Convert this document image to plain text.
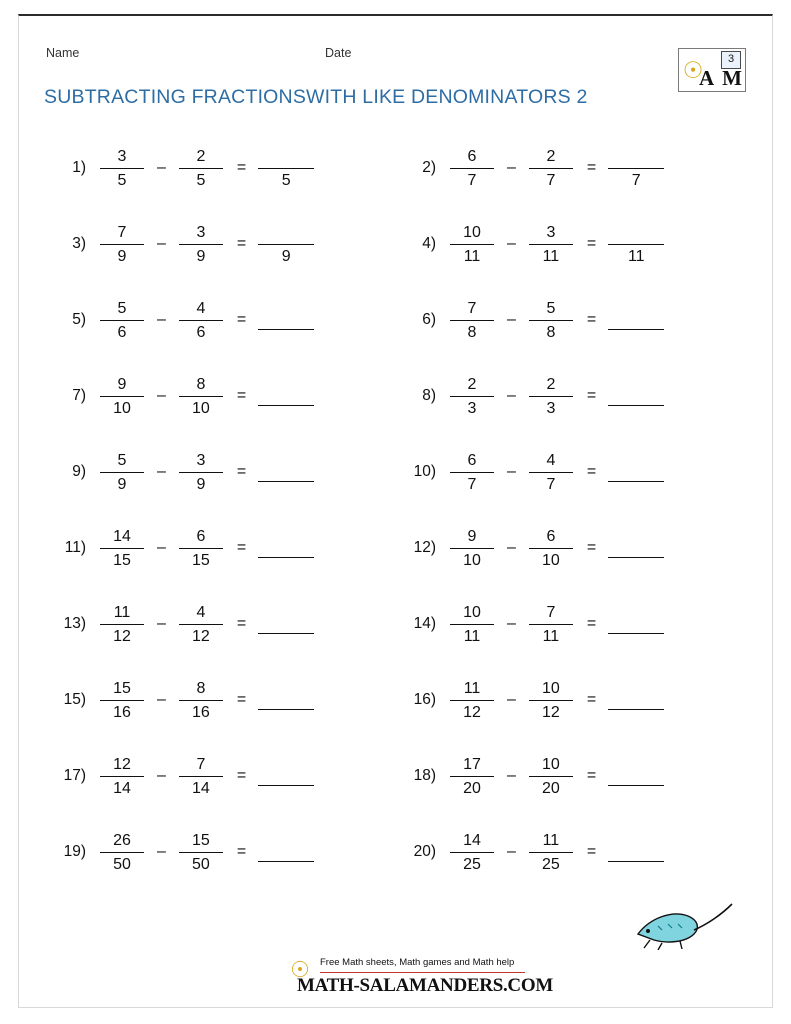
Name	Date
SUBTRACTING FRACTIONSWITH LIKE DENOMINATORS 2
☉	3
A M
$1) \frac{3}{5} - \frac{2}{5}$ =
5
$2) \frac{6}{7} - \frac{2}{7}$ =
7
$3) \frac{7}{9} - \frac{3}{9}$ =
9
$4) \frac{10}{11} - \frac{3}{11}$ =
11
$5) \frac{5}{6} - \frac{4}{6}$ =	$6) \frac{7}{8} - \frac{5}{8}$ =
$7) \frac{9}{10} - \frac{8}{10}$ =	$8) \frac{2}{3} - \frac{2}{3}$ =
$9) \frac{5}{9} - \frac{3}{9}$ =	$10) \frac{6}{7} - \frac{4}{7}$ =
$11) \frac{14}{15} - \frac{6}{15}$ =	$12) \frac{9}{10} - \frac{6}{10}$ =
$13) \frac{11}{12} - \frac{4}{12}$ =	$14) \frac{10}{11} - \frac{7}{11}$ =
$15) \frac{15}{16} - \frac{8}{16}$ =	$16) \frac{11}{12} - \frac{10}{12}$ =
$17) \frac{12}{14} - \frac{7}{14}$ =	$18) \frac{17}{20} - \frac{10}{20}$ =
$19) \frac{26}{50} - \frac{15}{50}$ =	$20) \frac{14}{25} - \frac{11}{25}$ =
☉	Free Math sheets, Math games and Math help
MATH-SALAMANDERS.COM
